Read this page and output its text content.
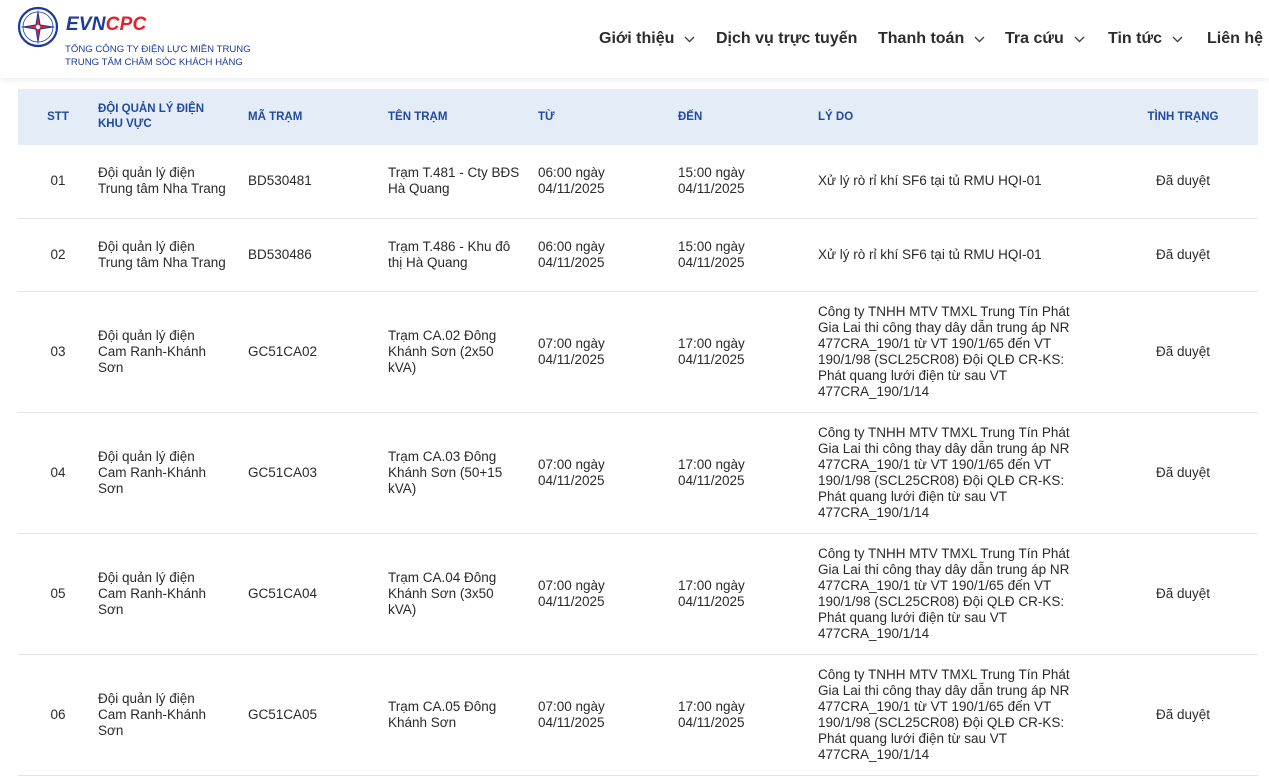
EVNCPC
TỔNG CÔNG TY ĐIỆN LỰC MIỀN TRUNG
TRUNG TÂM CHĂM SÓC KHÁCH HÀNG
Giới thiệu	Dịch vụ trực tuyến Thanh toán	Tra cứu	Tin tức	Liên hệ
STT	ĐỘI QUẢN LÝ ĐIỆN KHU VỰC	MÃ TRẠM	TÊN TRẠM	TỪ	ĐẾN	LÝ DO	TÌNH TRẠNG
01	Đội quản lý điện Trung tâm Nha Trang	BD530481	Trạm T.481 - Cty BĐS Hà Quang	06:00 ngày 04/11/2025	15:00 ngày 04/11/2025	Xử lý rò rỉ khí SF6 tại tủ RMU HQI-01	Đã duyệt
02	Đội quản lý điện Trung tâm Nha Trang	BD530486	Trạm T.486 - Khu đô thị Hà Quang	06:00 ngày 04/11/2025	15:00 ngày 04/11/2025	Xử lý rò rỉ khí SF6 tại tủ RMU HQI-01	Đã duyệt
03	Đội quản lý điện Cam Ranh-Khánh Sơn	GC51CA02	Trạm CA.02 Đông Khánh Sơn (2x50 kVA)	07:00 ngày 04/11/2025	17:00 ngày 04/11/2025	Công ty TNHH MTV TMXL Trung Tín Phát Gia Lai thi công thay dây dẫn trung áp NR 477CRA_190/1 từ VT 190/1/65 đến VT 190/1/98 (SCL25CR08) Đội QLĐ CR-KS: Phát quang lưới điện từ sau VT 477CRA_190/1/14	Đã duyệt
04	Đội quản lý điện Cam Ranh-Khánh Sơn	GC51CA03	Trạm CA.03 Đông Khánh Sơn (50+15 kVA)	07:00 ngày 04/11/2025	17:00 ngày 04/11/2025	Công ty TNHH MTV TMXL Trung Tín Phát Gia Lai thi công thay dây dẫn trung áp NR 477CRA_190/1 từ VT 190/1/65 đến VT 190/1/98 (SCL25CR08) Đội QLĐ CR-KS: Phát quang lưới điện từ sau VT 477CRA_190/1/14	Đã duyệt
05	Đội quản lý điện Cam Ranh-Khánh Sơn	GC51CA04	Trạm CA.04 Đông Khánh Sơn (3x50 kVA)	07:00 ngày 04/11/2025	17:00 ngày 04/11/2025	Công ty TNHH MTV TMXL Trung Tín Phát Gia Lai thi công thay dây dẫn trung áp NR 477CRA_190/1 từ VT 190/1/65 đến VT 190/1/98 (SCL25CR08) Đội QLĐ CR-KS: Phát quang lưới điện từ sau VT 477CRA_190/1/14	Đã duyệt
06	Đội quản lý điện Cam Ranh-Khánh Sơn	GC51CA05	Trạm CA.05 Đông Khánh Sơn	07:00 ngày 04/11/2025	17:00 ngày 04/11/2025	Công ty TNHH MTV TMXL Trung Tín Phát Gia Lai thi công thay dây dẫn trung áp NR 477CRA_190/1 từ VT 190/1/65 đến VT 190/1/98 (SCL25CR08) Đội QLĐ CR-KS: Phát quang lưới điện từ sau VT 477CRA_190/1/14	Đã duyệt
